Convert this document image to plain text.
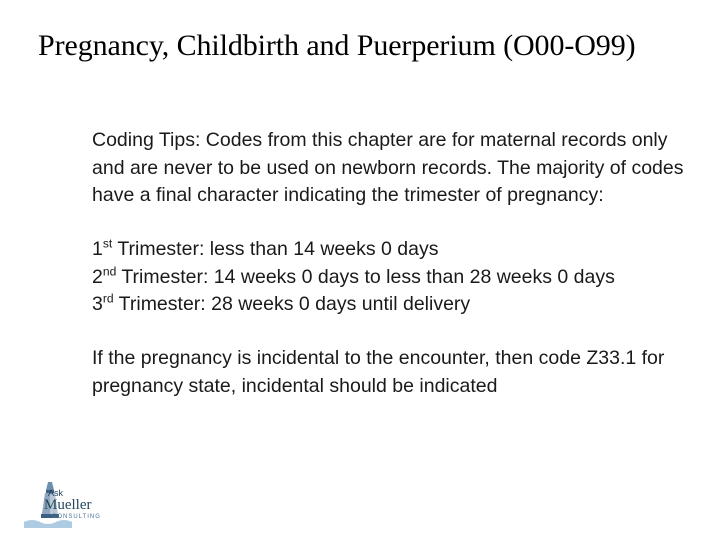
Pregnancy, Childbirth and Puerperium (O00-O99)

Coding Tips: Codes from this chapter are for maternal records only and are never to be used on newborn records. The majority of codes have a final character indicating the trimester of pregnancy:

1st Trimester: less than 14 weeks 0 days

2nd Trimester: 14 weeks 0 days to less than 28 weeks 0 days

3rd Trimester: 28 weeks 0 days until delivery

If the pregnancy is incidental to the encounter, then code Z33.1 for pregnancy state, incidental should be indicated

Ask
Mueller
CONSULTING
